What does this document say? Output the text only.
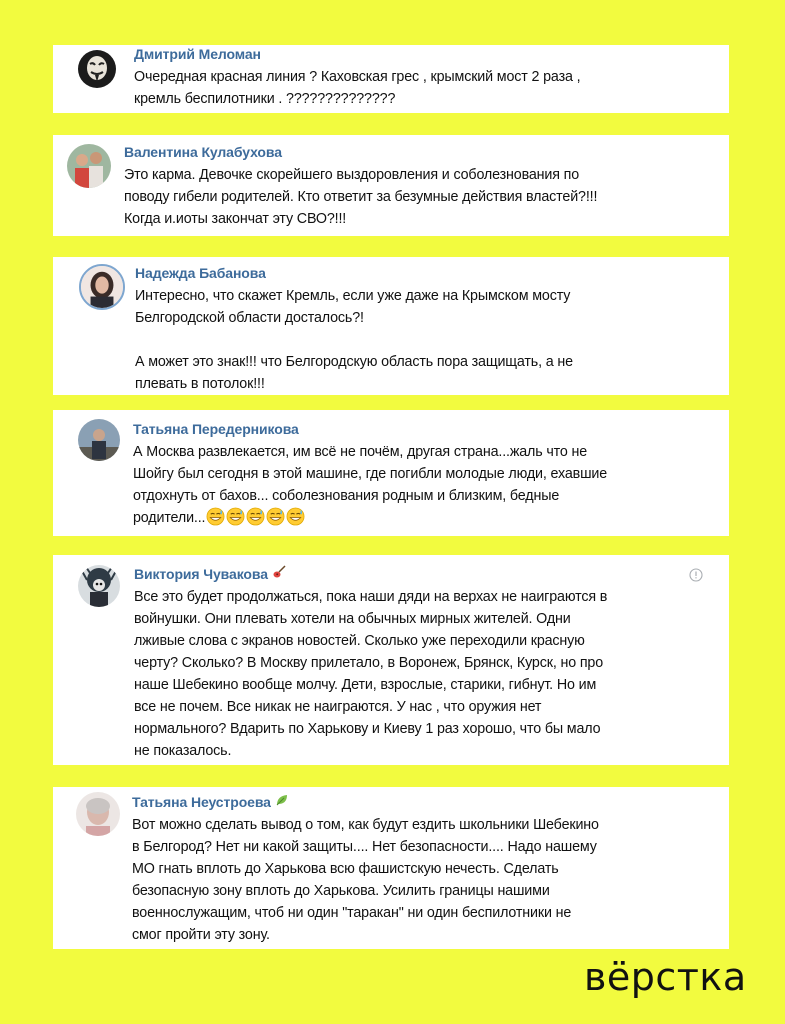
Дмитрий Меломан
Очередная красная линия ? Каховская грес , крымский мост 2 раза ,
кремль беспилотники . ??????????????
Валентина Кулабухова
Это карма. Девочке скорейшего выздоровления и соболезнования по
поводу гибели родителей. Кто ответит за безумные действия властей?!!!
Когда и.иоты закончат эту СВО?!!!
Надежда Бабанова
Интересно, что скажет Кремль, если уже даже на Крымском мосту
Белгородской области досталось?!
А может это знак!!! что Белгородскую область пора защищать, а не
плевать в потолок!!!
Татьяна Передерникова
А Москва развлекается, им всё не почём, другая страна...жаль что не
Шойгу был сегодня в этой машине, где погибли молодые люди, ехавшие
отдохнуть от бахов... соболезнования родным и близким, бедные
родители...
Виктория Чувакова
Все это будет продолжаться, пока наши дяди на верхах не наиграются в
войнушки. Они плевать хотели на обычных мирных жителей. Одни
лживые слова с экранов новостей. Сколько уже переходили красную
черту? Сколько? В Москву прилетало, в Воронеж, Брянск, Курск, но про
наше Шебекино вообще молчу. Дети, взрослые, старики, гибнут. Но им
все не почем. Все никак не наиграются. У нас , что оружия нет
нормального? Вдарить по Харькову и Киеву 1 раз хорошо, что бы мало
не показалось.
Татьяна Неустроева
Вот можно сделать вывод о том, как будут ездить школьники Шебекино
в Белгород? Нет ни какой защиты.... Нет безопасности.... Надо нашему
МО гнать вплоть до Харькова всю фашистскую нечесть. Сделать
безопасную зону вплоть до Харькова. Усилить границы нашими
военнослужащим, чтоб ни один "таракан" ни один беспилотники не
смог пройти эту зону.
вёрстка
